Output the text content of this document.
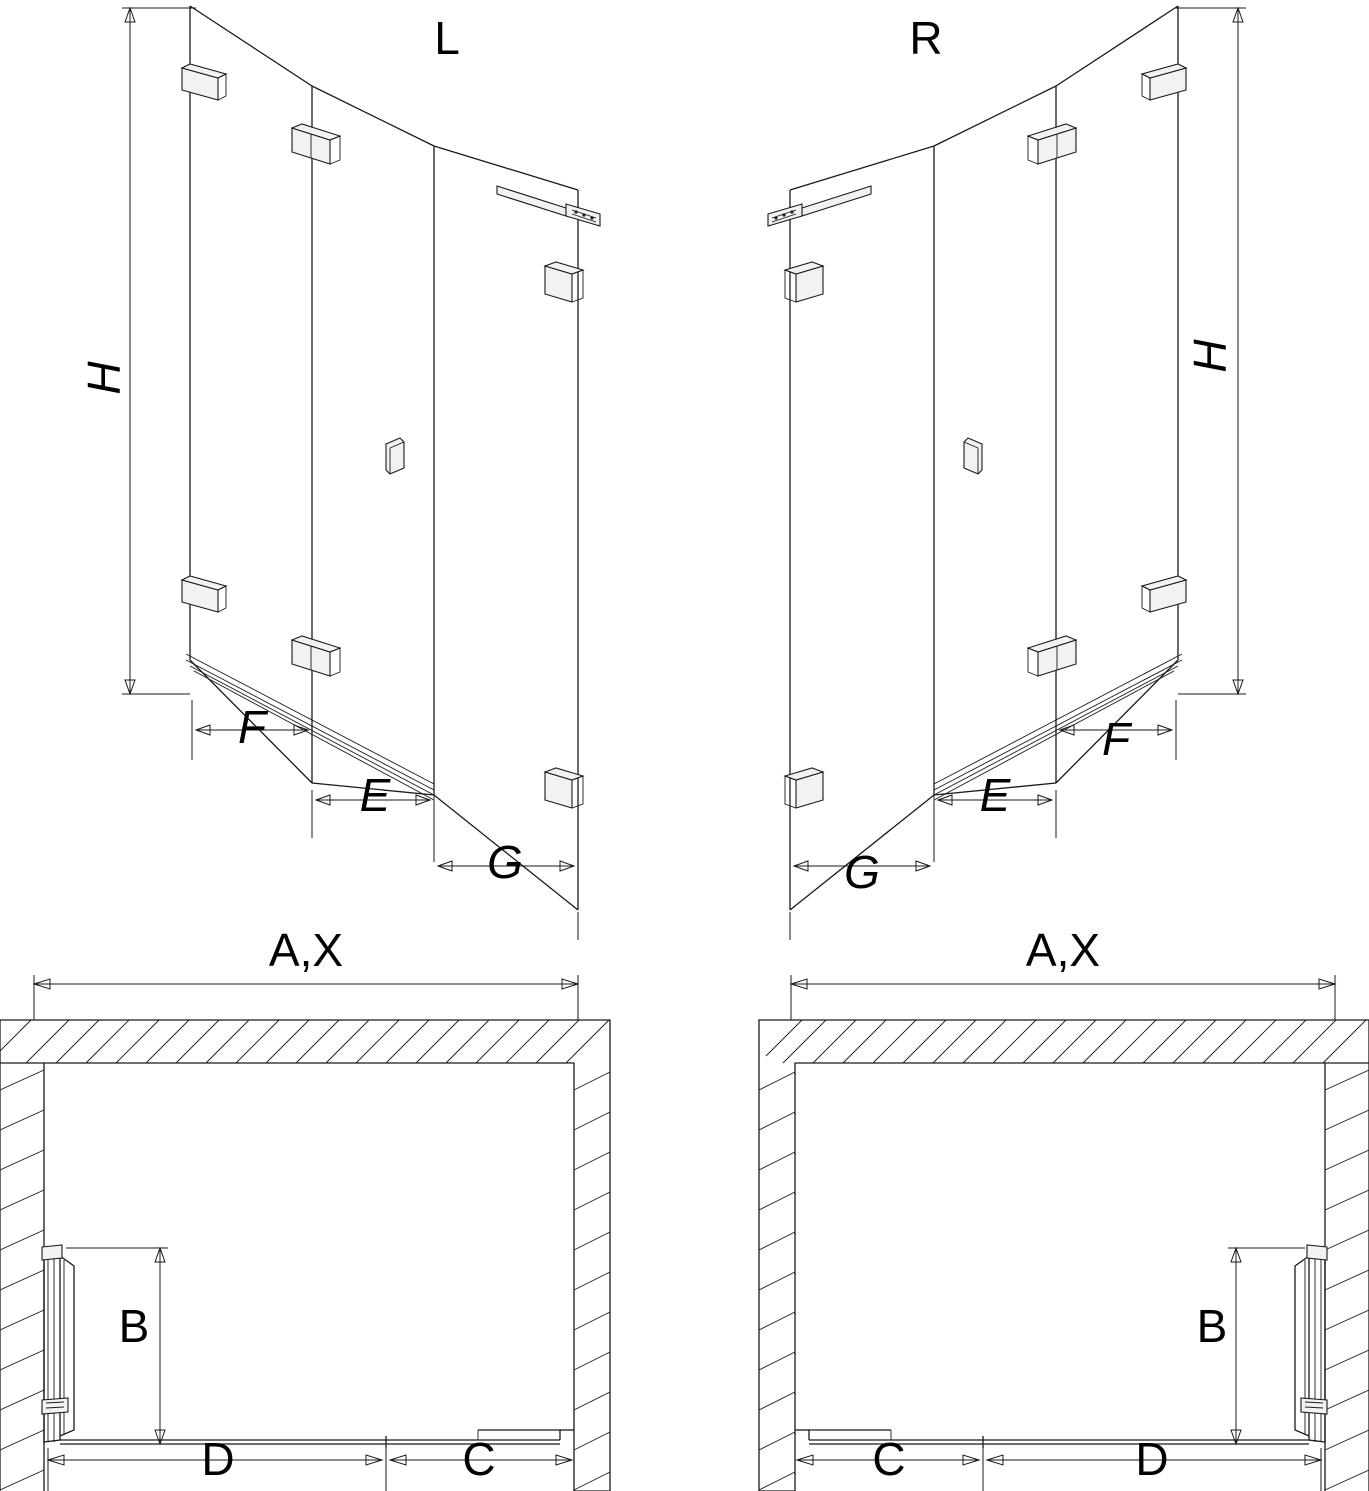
H
L
F
E
G
H
R
F
E
G
A,X
B
D	C
A,X
B
D
C
